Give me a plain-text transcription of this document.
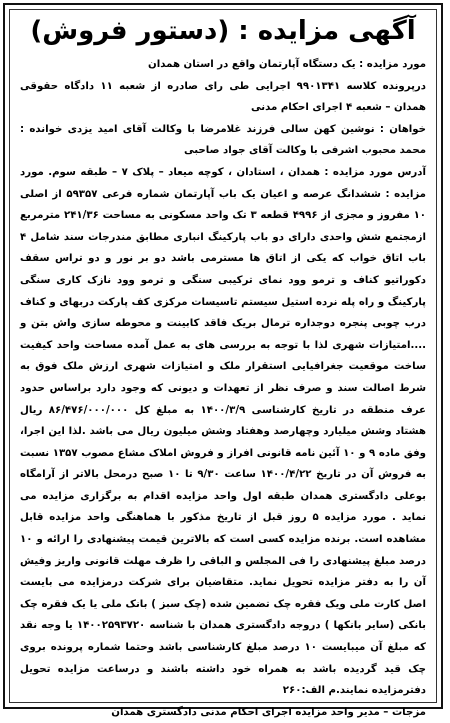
آگهی مزایده : (دستور فروش)

مورد مزایده : یک دستگاه آپارتمان واقع در استان همدان

درپرونده کلاسه ۹۹۰۱۳۴۱ اجرایی طی رای صادره از شعبه ۱۱ دادگاه حقوقی همدان – شعبه ۴ اجرای احکام مدنی

خواهان : نوشین کهن سالی فرزند غلامرضا با وکالت آقای امید یزدی خوانده : محمد محبوب اشرفی با وکالت آقای جواد صاحبی

آدرس مورد مزایده : همدان ، استادان ، کوچه میعاد – پلاک ۷ – طبقه سوم. مورد مزایده : ششدانگ عرصه و اعیان یک باب آپارتمان شماره فرعی ۵۹۳۵۷ از اصلی ۱۰ مفروز و مجزی از ۴۹۹۶ قطعه ۳ تک واحد مسکونی به مساحت ۲۴۱/۳۶ مترمربع ازمجتمع شش واحدی دارای دو باب پارکینگ انباری مطابق مندرجات سند شامل ۴ باب اتاق خواب که یکی از اتاق ها مسترمی باشد دو بر نور و دو تراس سقف دکوراتیو کناف و ترمو وود نمای ترکیبی سنگی و ترمو وود نازک کاری سنگی پارکینگ و راه پله نرده استیل سیستم تاسیسات مرکزی کف پارکت دربهای و کناف درب چوبی پنجره دوجداره ترمال بریک فاقد کابینت و محوطه سازی واش بتن و ....امتیازات شهری لذا با توجه به بررسی های به عمل آمده مساحت واحد کیفیت ساخت موقعیت جغرافیایی استقرار ملک و امتیازات شهری ارزش ملک فوق به شرط اصالت سند و صرف نظر از تعهدات و دیونی که وجود دارد براساس حدود عرف منطقه در تاریخ کارشناسی ۱۴۰۰/۳/۹ به مبلغ کل ۸۶/۴۷۶/۰۰۰/۰۰۰ ریال هشتاد وشش میلیارد وچهارصد وهفتاد وشش میلیون ریال می باشد .لذا این اجرا، وفق ماده ۹ و ۱۰ آئین نامه قانونی افراز و فروش املاک مشاع مصوب ۱۳۵۷ نسبت به فروش آن در تاریخ ۱۴۰۰/۴/۲۲ ساعت ۹/۳۰ تا ۱۰ صبح درمحل بالاتر از آرامگاه بوعلی دادگستری همدان طبقه اول واحد مزایده اقدام به برگزاری مزایده می نماید . مورد مزایده ۵ روز قبل از تاریخ مذکور با هماهنگی واحد مزایده قابل مشاهده است. برنده مزایده کسی است که بالاترین قیمت پیشنهادی را ارائه و ۱۰ درصد مبلغ پیشنهادی را فی المجلس و الباقی را ظرف مهلت قانونی واریز وفیش آن را به دفتر مزایده تحویل نماید. متقاضیان برای شرکت درمزایده می بایست اصل کارت ملی ویک فقره چک تضمین شده (چک سبز ) بانک ملی یا یک فقره چک بانکی (سایر بانکها ) دروجه دادگستری همدان با شناسه ۱۴۰۰۲۵۹۳۷۲۰ یا وجه نقد که مبلغ آن میبایست ۱۰ درصد مبلغ کارشناسی باشد وحتما شماره پرونده بروی چک قید گردیده باشد به همراه خود داشته باشند و درساعت مزایده تحویل دفترمزایده نمایند.م الف:۲۶۰

مزجات – مدیر واحد مزایده اجرای احکام مدنی دادگستری همدان
